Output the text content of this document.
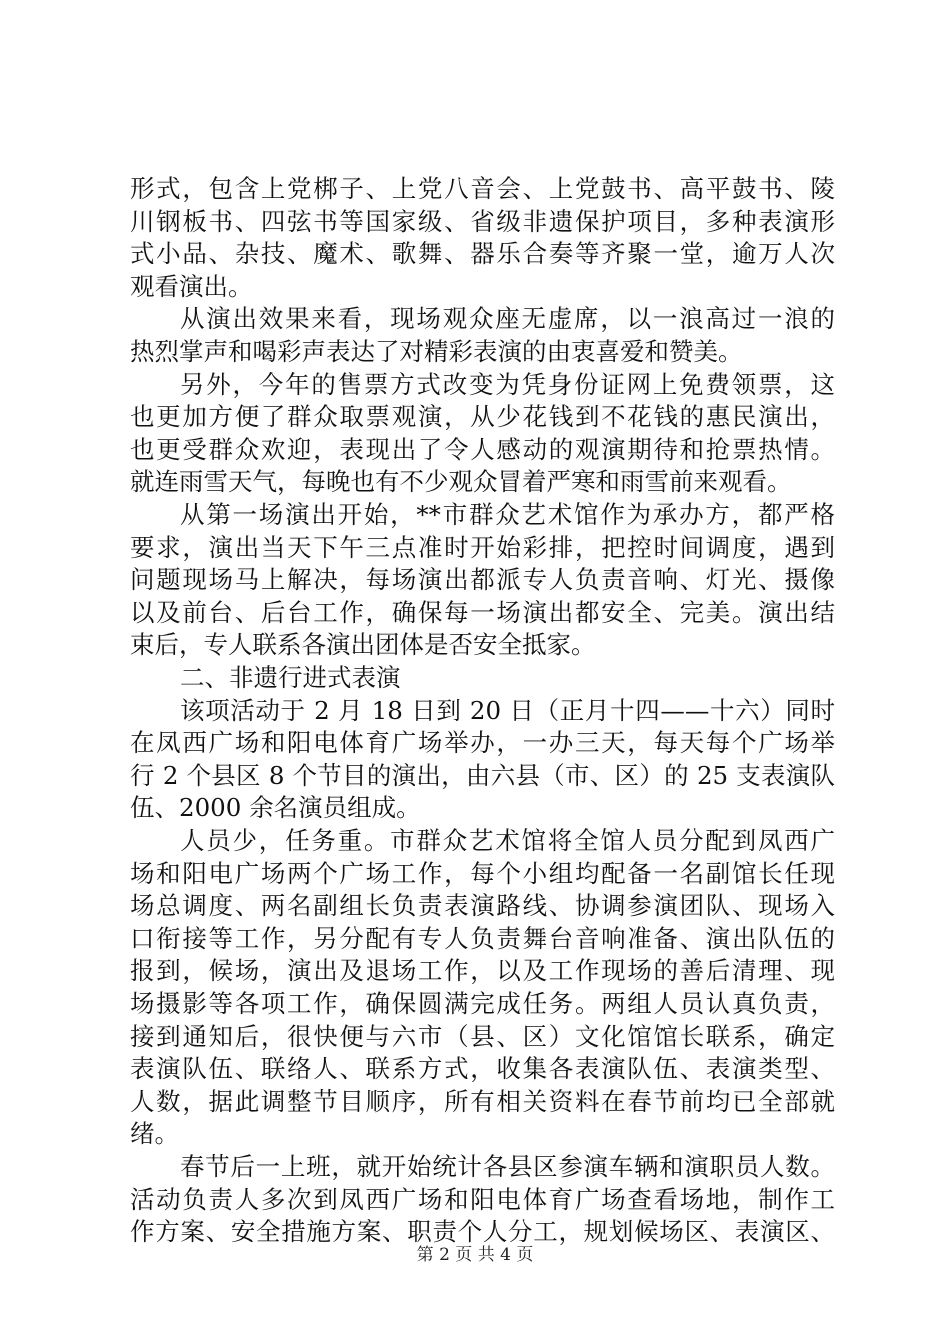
形式，包含上党梆子、上党八音会、上党鼓书、高平鼓书、陵
川钢板书、四弦书等国家级、省级非遗保护项目，多种表演形
式小品、杂技、魔术、歌舞、器乐合奏等齐聚一堂，逾万人次
观看演出。
从演出效果来看，现场观众座无虚席，以一浪高过一浪的
热烈掌声和喝彩声表达了对精彩表演的由衷喜爱和赞美。
另外，今年的售票方式改变为凭身份证网上免费领票，这
也更加方便了群众取票观演，从少花钱到不花钱的惠民演出，
也更受群众欢迎，表现出了令人感动的观演期待和抢票热情。
就连雨雪天气，每晚也有不少观众冒着严寒和雨雪前来观看。
从第一场演出开始，**市群众艺术馆作为承办方，都严格
要求，演出当天下午三点准时开始彩排，把控时间调度，遇到
问题现场马上解决，每场演出都派专人负责音响、灯光、摄像
以及前台、后台工作，确保每一场演出都安全、完美。演出结
束后，专人联系各演出团体是否安全抵家。
二、非遗行进式表演
该项活动于 2 月 18 日到 20 日（正月十四——十六）同时
在凤西广场和阳电体育广场举办，一办三天，每天每个广场举
行 2 个县区 8 个节目的演出，由六县（市、区）的 25 支表演队
伍、2000 余名演员组成。
人员少，任务重。市群众艺术馆将全馆人员分配到凤西广
场和阳电广场两个广场工作，每个小组均配备一名副馆长任现
场总调度、两名副组长负责表演路线、协调参演团队、现场入
口衔接等工作，另分配有专人负责舞台音响准备、演出队伍的
报到，候场，演出及退场工作，以及工作现场的善后清理、现
场摄影等各项工作，确保圆满完成任务。两组人员认真负责，
接到通知后，很快便与六市（县、区）文化馆馆长联系，确定
表演队伍、联络人、联系方式，收集各表演队伍、表演类型、
人数，据此调整节目顺序，所有相关资料在春节前均已全部就
绪。
春节后一上班，就开始统计各县区参演车辆和演职员人数。
活动负责人多次到凤西广场和阳电体育广场查看场地，制作工
作方案、安全措施方案、职责个人分工，规划候场区、表演区、
第 2 页 共 4 页
